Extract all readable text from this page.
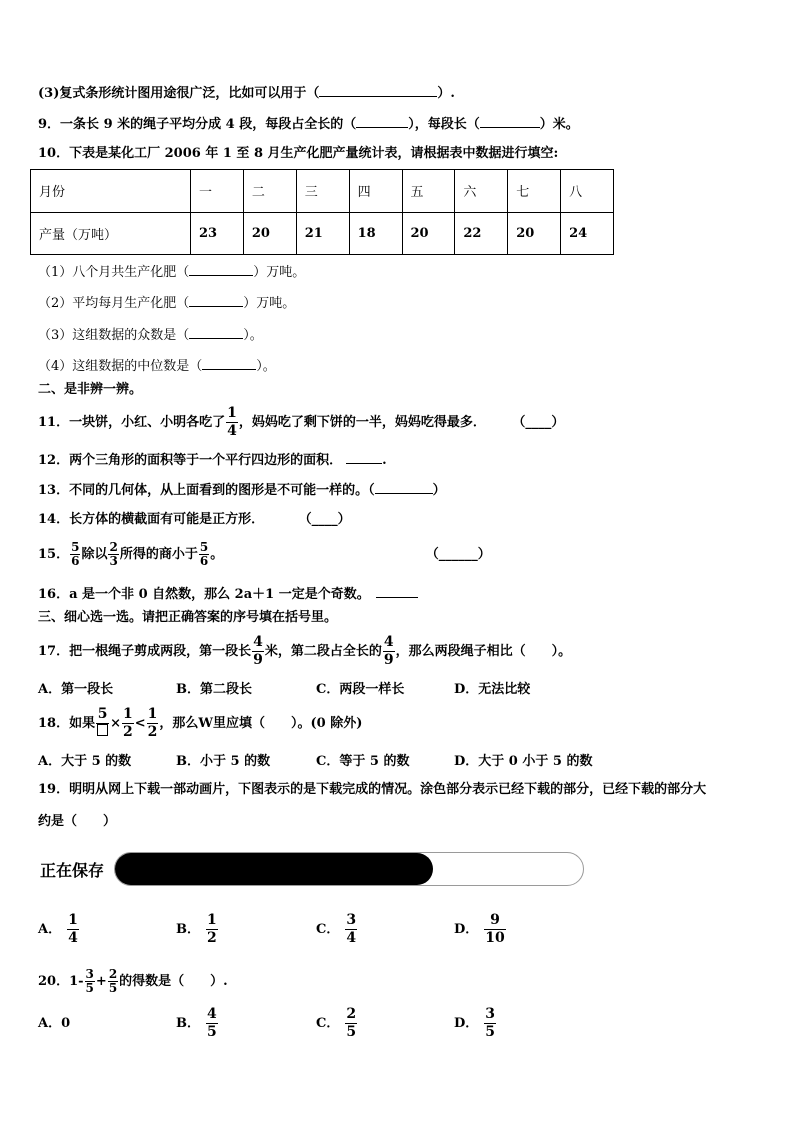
(3)复式条形统计图用途很广泛，比如可以用于（	）.
9．一条长 9 米的绳子平均分成 4 段，每段占全长的（	），每段长（	）米。
10．下表是某化工厂 2006 年 1 至 8 月生产化肥产量统计表，请根据表中数据进行填空:
月份	一	二	三	四	五	六	七	八
产量（万吨）	23	20	21	18	20	22	20	24
（1）八个月共生产化肥（	）万吨。
（2）平均每月生产化肥（	）万吨。
（3）这组数据的众数是（	）。
（4）这组数据的中位数是（	）。
二、是非辨一辨。
11．一块饼，小红、小明各吃了 $\frac{1}{4}$ ，妈妈吃了剩下饼的一半，妈妈吃得最多． （____）
12．两个三角形的面积等于一个平行四边形的面积．	.
13．不同的几何体，从上面看到的图形是不可能一样的。（	）
14．长方体的横截面有可能是正方形．	（____）
15． $\frac{5}{6}$ 除以 $\frac{2}{3}$ 所得的商小于 $\frac{5}{6}$ 。	（______）
16．a 是一个非 0 自然数，那么 2a＋1 一定是个奇数。
三、细心选一选。请把正确答案的序号填在括号里。
17．把一根绳子剪成两段，第一段长 $\frac{4}{9}$ 米，第二段占全长的 $\frac{4}{9}$ ，那么两段绳子相比（　　）。
A．第一段长	B．第二段长	C．两段一样长	D．无法比较
18．如果
5
× $\frac{1}{2} < \frac{1}{2}$ ，那么W里应填（　　）。(0 除外)
A．大于 5 的数	B．小于 5 的数	C．等于 5 的数	D．大于 0 小于 5 的数
19．明明从网上下载一部动画片，下图表示的是下载完成的情况。涂色部分表示已经下载的部分，已经下载的部分大
约是（　　）
正在保存
A． $\frac{1}{4}$	B． $\frac{1}{2}$	C． $\frac{3}{4}$	D． $\frac{9}{10}$
20．$1- \frac{3}{5} + \frac{2}{5}$ 的得数是（　　）.
A．0	B． $\frac{4}{5}$	C． $\frac{2}{5}$	D． $\frac{3}{5}$
